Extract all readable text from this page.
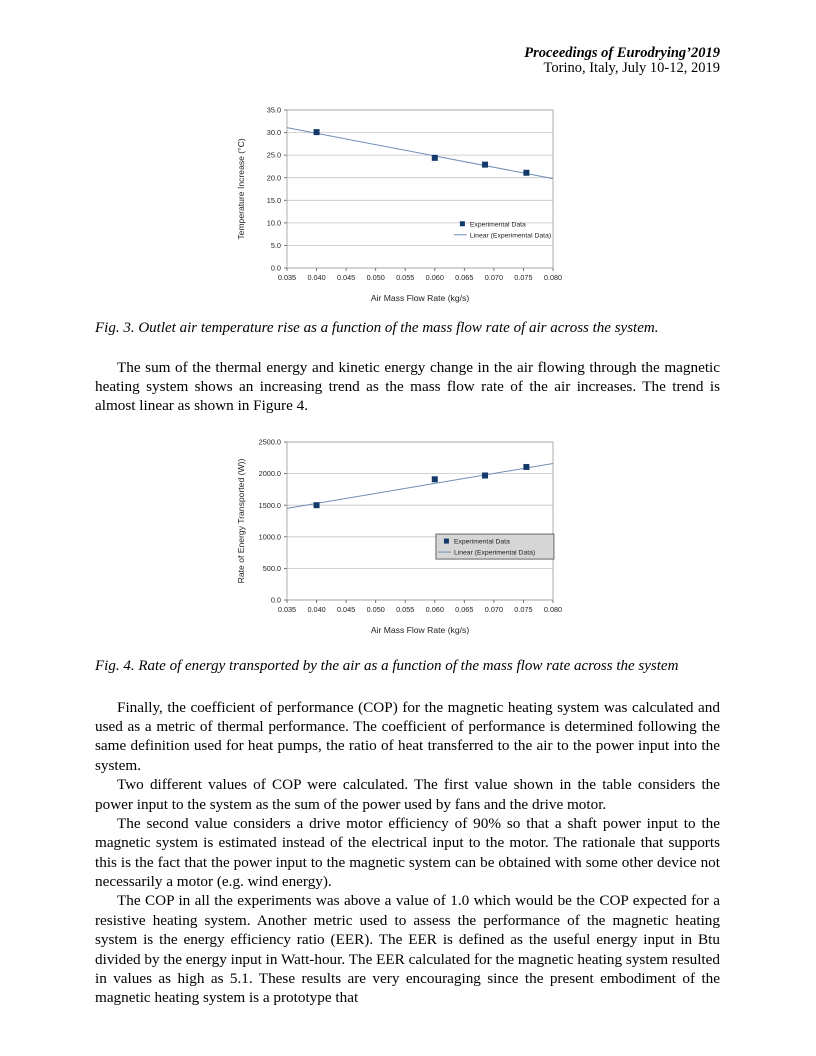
Proceedings of Eurodrying’2019
Torino, Italy, July 10-12, 2019
0.0
5.0
10.0
15.0
20.0
25.0
30.0
35.0
0.035 0.040 0.045 0.050 0.055 0.060 0.065 0.070 0.075 0.080
Experimental Data
Linear (Experimental Data)
Air Mass Flow Rate (kg/s)
Temperature Increase (°C)

Fig. 3. Outlet air temperature rise as a function of the mass flow rate of air across the system.

The sum of the thermal energy and kinetic energy change in the air flowing through the magnetic heating system shows an increasing trend as the mass flow rate of the air increases. The trend is almost linear as shown in Figure 4.

0.0
500.0
1000.0
1500.0
2000.0
2500.0
0.035 0.040 0.045 0.050 0.055 0.060 0.065 0.070 0.075 0.080
Experimental Data
Linear (Experimental Data)
Air Mass Flow Rate (kg/s)
Rate of Energy Transported (W))

Fig. 4. Rate of energy transported by the air as a function of the mass flow rate across the system

Finally, the coefficient of performance (COP) for the magnetic heating system was calculated and used as a metric of thermal performance. The coefficient of performance is determined following the same definition used for heat pumps, the ratio of heat transferred to the air to the power input into the system.

Two different values of COP were calculated. The first value shown in the table considers the power input to the system as the sum of the power used by fans and the drive motor.

The second value considers a drive motor efficiency of 90% so that a shaft power input to the magnetic system is estimated instead of the electrical input to the motor. The rationale that supports this is the fact that the power input to the magnetic system can be obtained with some other device not necessarily a motor (e.g. wind energy).

The COP in all the experiments was above a value of 1.0 which would be the COP expected for a resistive heating system. Another metric used to assess the performance of the magnetic heating system is the energy efficiency ratio (EER). The EER is defined as the useful energy input in Btu divided by the energy input in Watt-hour. The EER calculated for the magnetic heating system resulted in values as high as 5.1. These results are very encouraging since the present embodiment of the magnetic heating system is a prototype that
